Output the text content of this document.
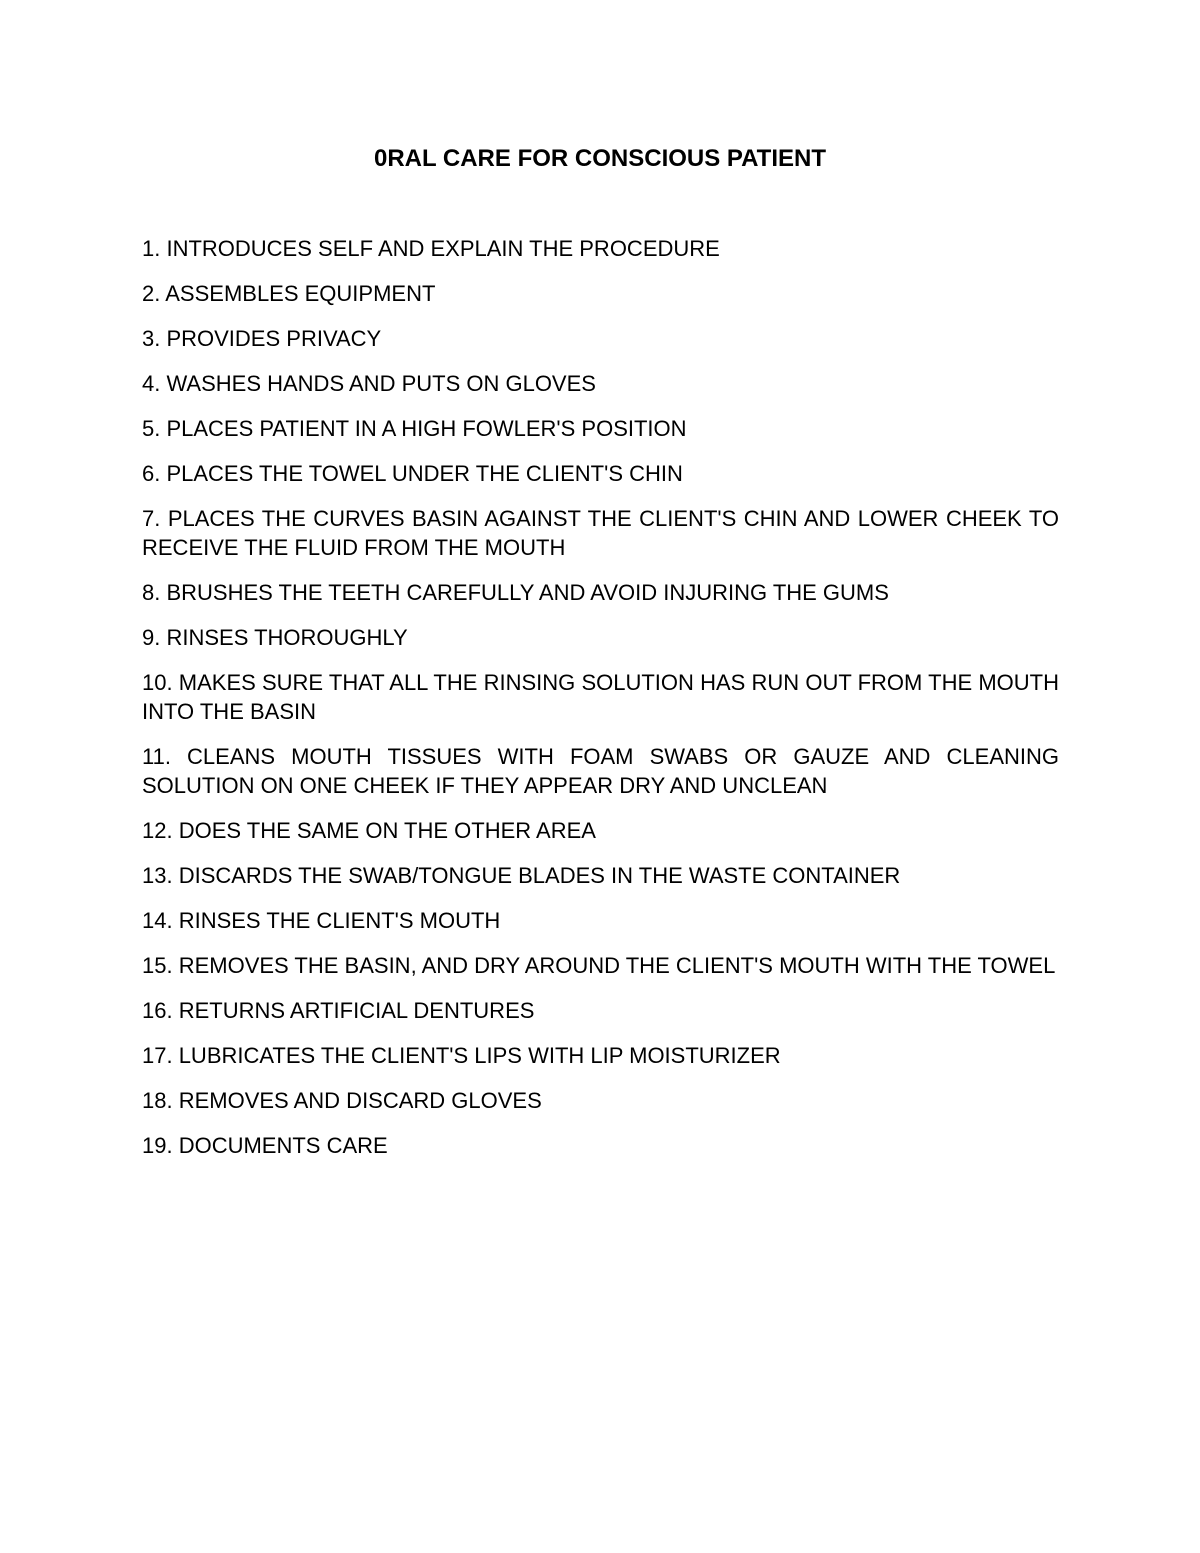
0RAL CARE FOR CONSCIOUS PATIENT

1. INTRODUCES SELF AND EXPLAIN THE PROCEDURE

2. ASSEMBLES EQUIPMENT

3. PROVIDES PRIVACY

4. WASHES HANDS AND PUTS ON GLOVES

5. PLACES PATIENT IN A HIGH FOWLER'S POSITION

6. PLACES THE TOWEL UNDER THE CLIENT'S CHIN

7. PLACES THE CURVES BASIN AGAINST THE CLIENT'S CHIN AND LOWER CHEEK TO RECEIVE THE FLUID FROM THE MOUTH

8. BRUSHES THE TEETH CAREFULLY AND AVOID INJURING THE GUMS

9. RINSES THOROUGHLY

10. MAKES SURE THAT ALL THE RINSING SOLUTION HAS RUN OUT FROM THE MOUTH INTO THE BASIN

11. CLEANS MOUTH TISSUES WITH FOAM SWABS OR GAUZE AND CLEANING SOLUTION ON ONE CHEEK IF THEY APPEAR DRY AND UNCLEAN

12. DOES THE SAME ON THE OTHER AREA

13. DISCARDS THE SWAB/TONGUE BLADES IN THE WASTE CONTAINER

14. RINSES THE CLIENT'S MOUTH

15. REMOVES THE BASIN, AND DRY AROUND THE CLIENT'S MOUTH WITH THE TOWEL

16. RETURNS ARTIFICIAL DENTURES

17. LUBRICATES THE CLIENT'S LIPS WITH LIP MOISTURIZER

18. REMOVES AND DISCARD GLOVES

19. DOCUMENTS CARE
